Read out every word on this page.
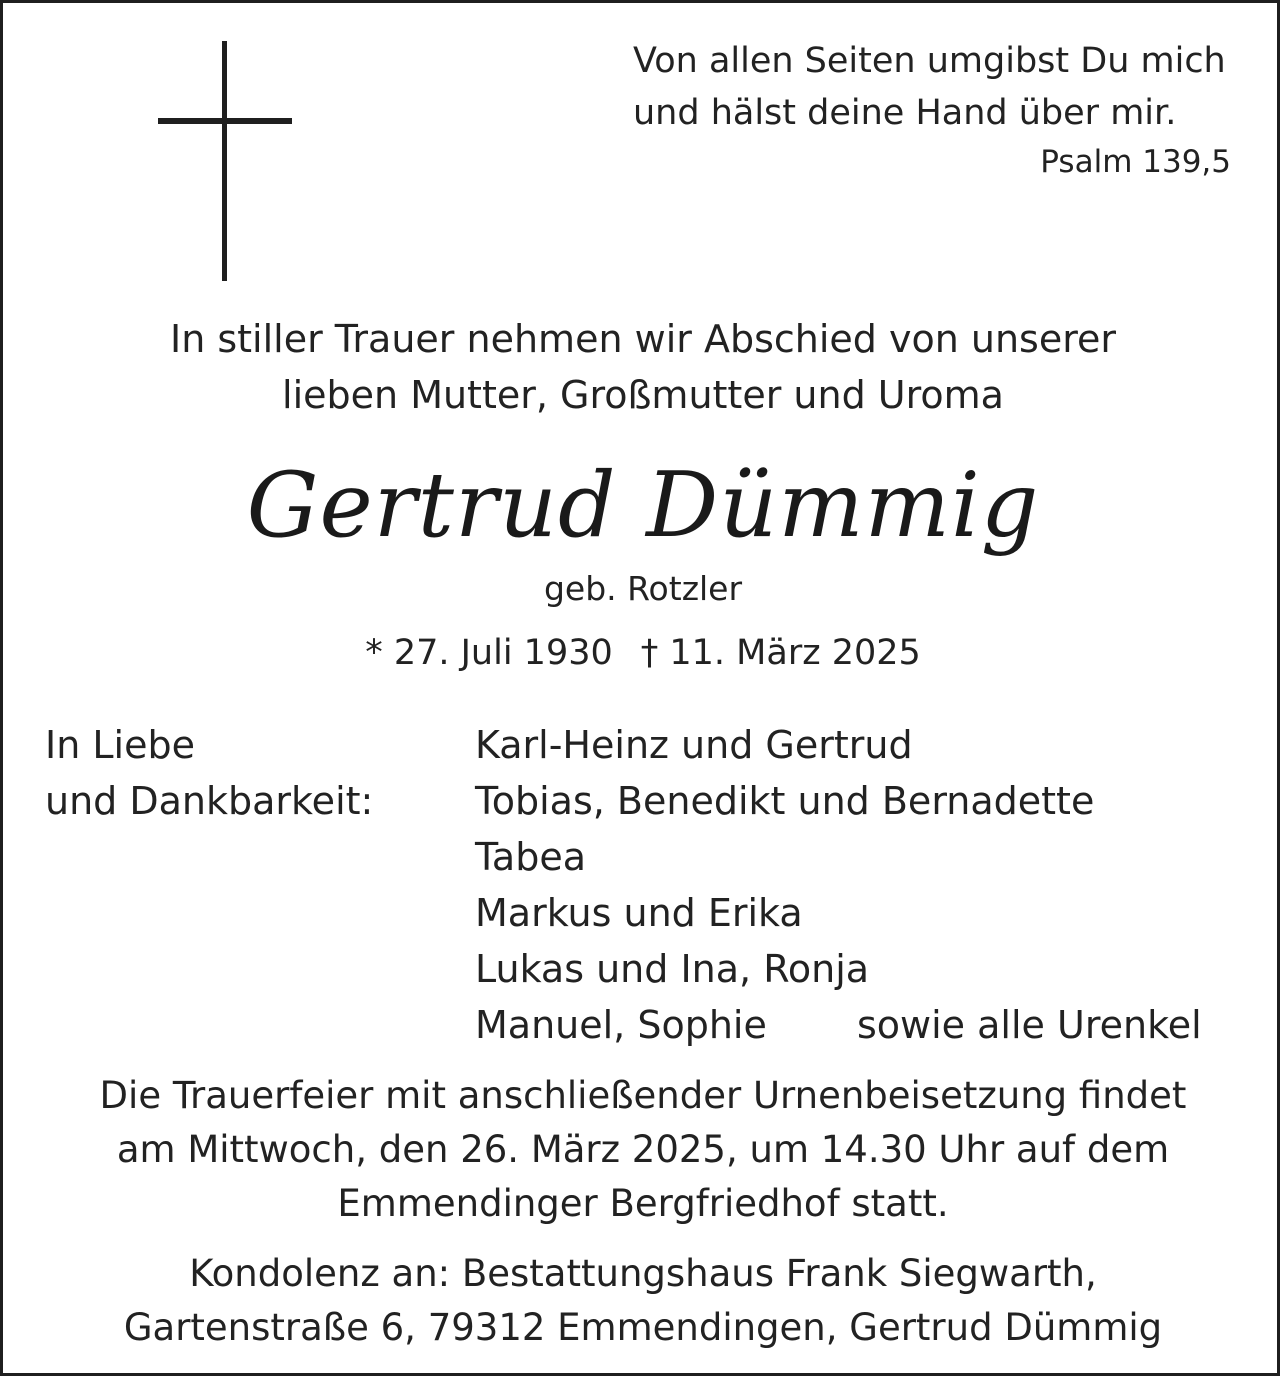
Von allen Seiten umgibst Du mich
und hälst deine Hand über mir.
Psalm 139,5
In stiller Trauer nehmen wir Abschied von unserer
lieben Mutter, Großmutter und Uroma
Gertrud Dümmig
geb. Rotzler
* 27. Juli 1930 † 11. März 2025
In Liebe
und Dankbarkeit:
Karl-Heinz und Gertrud
Tobias, Benedikt und Bernadette
Tabea
Markus und Erika
Lukas und Ina, Ronja
Manuel, Sophie sowie alle Urenkel
Die Trauerfeier mit anschließender Urnenbeisetzung findet
am Mittwoch, den 26. März 2025, um 14.30 Uhr auf dem
Emmendinger Bergfriedhof statt.
Kondolenz an: Bestattungshaus Frank Siegwarth,
Gartenstraße 6, 79312 Emmendingen, Gertrud Dümmig
